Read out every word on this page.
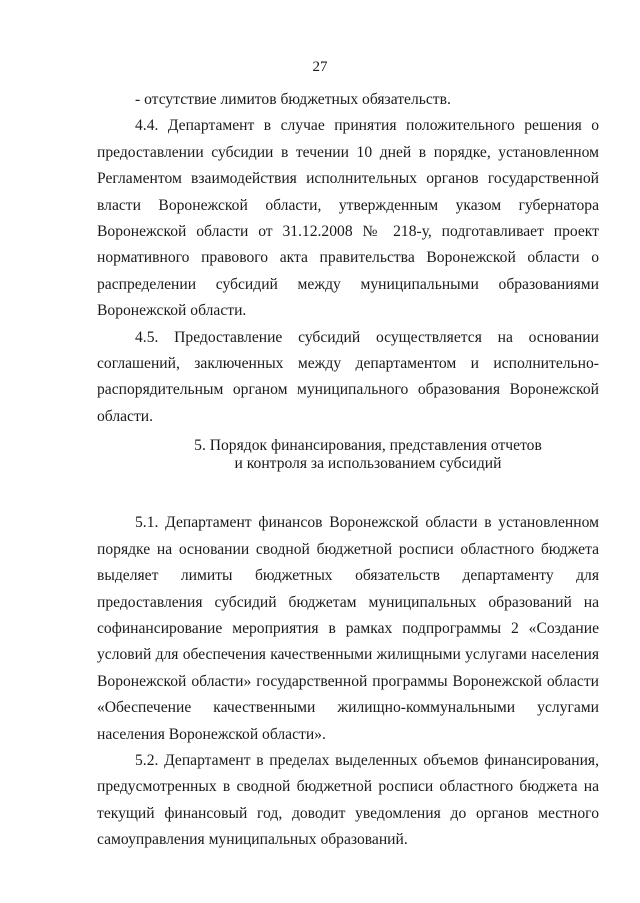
27

- отсутствие лимитов бюджетных обязательств.

4.4. Департамент в случае принятия положительного решения о предоставлении субсидии в течении 10 дней в порядке, установленном Регламентом взаимодействия исполнительных органов государственной власти Воронежской области, утвержденным указом губернатора Воронежской области от 31.12.2008 № 218-у, подготавливает проект нормативного правового акта правительства Воронежской области о распределении субсидий между муниципальными образованиями Воронежской области.

4.5. Предоставление субсидий осуществляется на основании соглашений, заключенных между департаментом и исполнительно-распорядительным органом муниципального образования Воронежской области.

5. Порядок финансирования, представления отчетов

и контроля за использованием субсидий

5.1. Департамент финансов Воронежской области в установленном порядке на основании сводной бюджетной росписи областного бюджета выделяет лимиты бюджетных обязательств департаменту для предоставления субсидий бюджетам муниципальных образований на софинансирование мероприятия в рамках подпрограммы 2 «Создание условий для обеспечения качественными жилищными услугами населения Воронежской области» государственной программы Воронежской области «Обеспечение качественными жилищно-коммунальными услугами населения Воронежской области».

5.2. Департамент в пределах выделенных объемов финансирования, предусмотренных в сводной бюджетной росписи областного бюджета на текущий финансовый год, доводит уведомления до органов местного самоуправления муниципальных образований.
